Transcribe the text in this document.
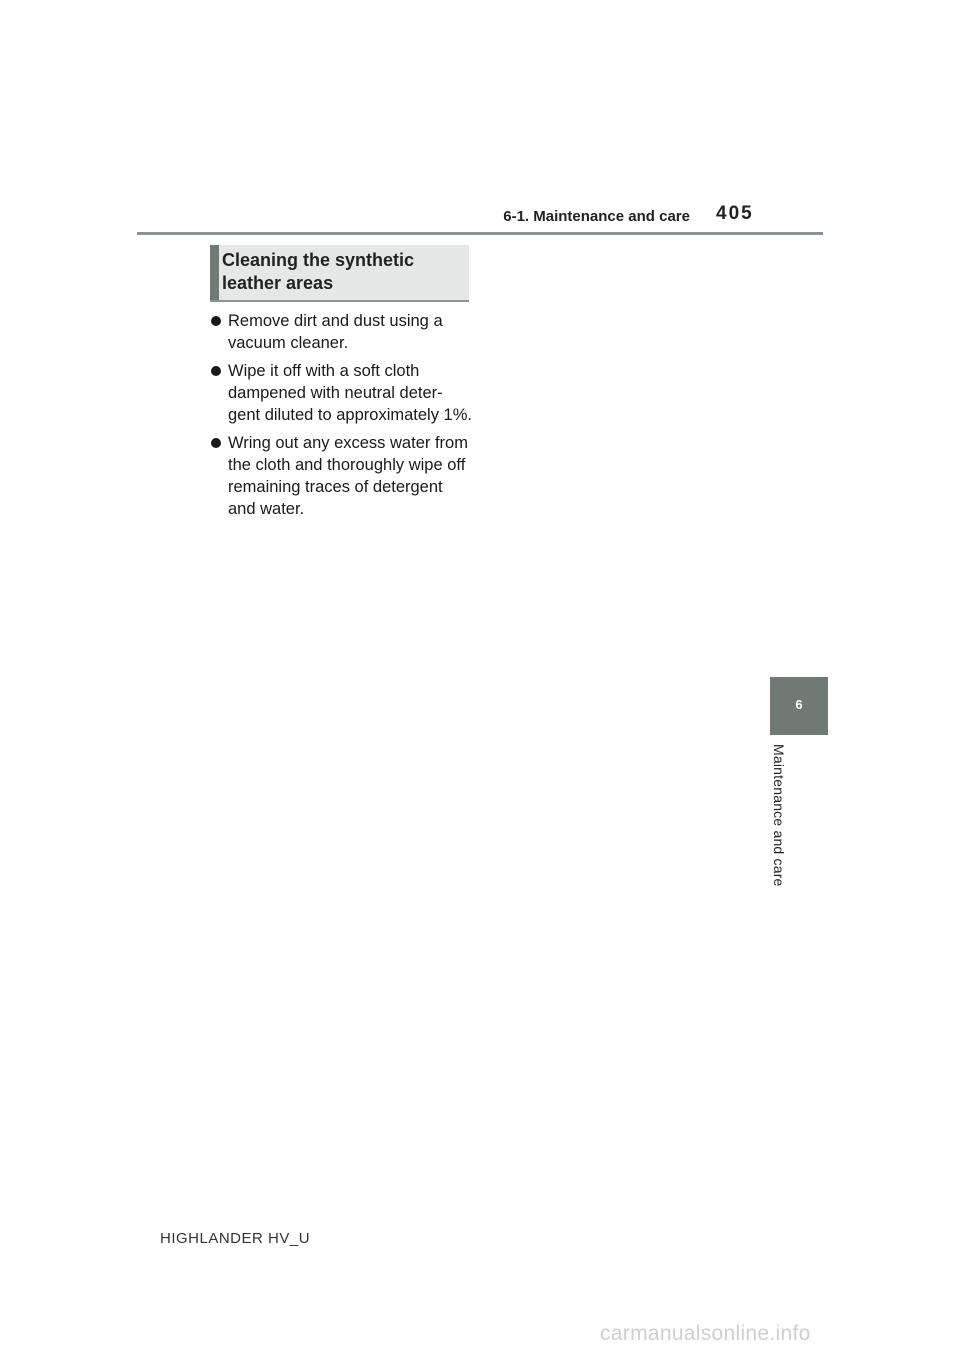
6-1. Maintenance and care 405
Cleaning the synthetic leather areas
Remove dirt and dust using a vacuum cleaner.
Wipe it off with a soft cloth dampened with neutral deter-gent diluted to approximately 1%.
Wring out any excess water from the cloth and thoroughly wipe off remaining traces of detergent and water.
6
Maintenance and care
HIGHLANDER HV_U
carmanualsonline.info
